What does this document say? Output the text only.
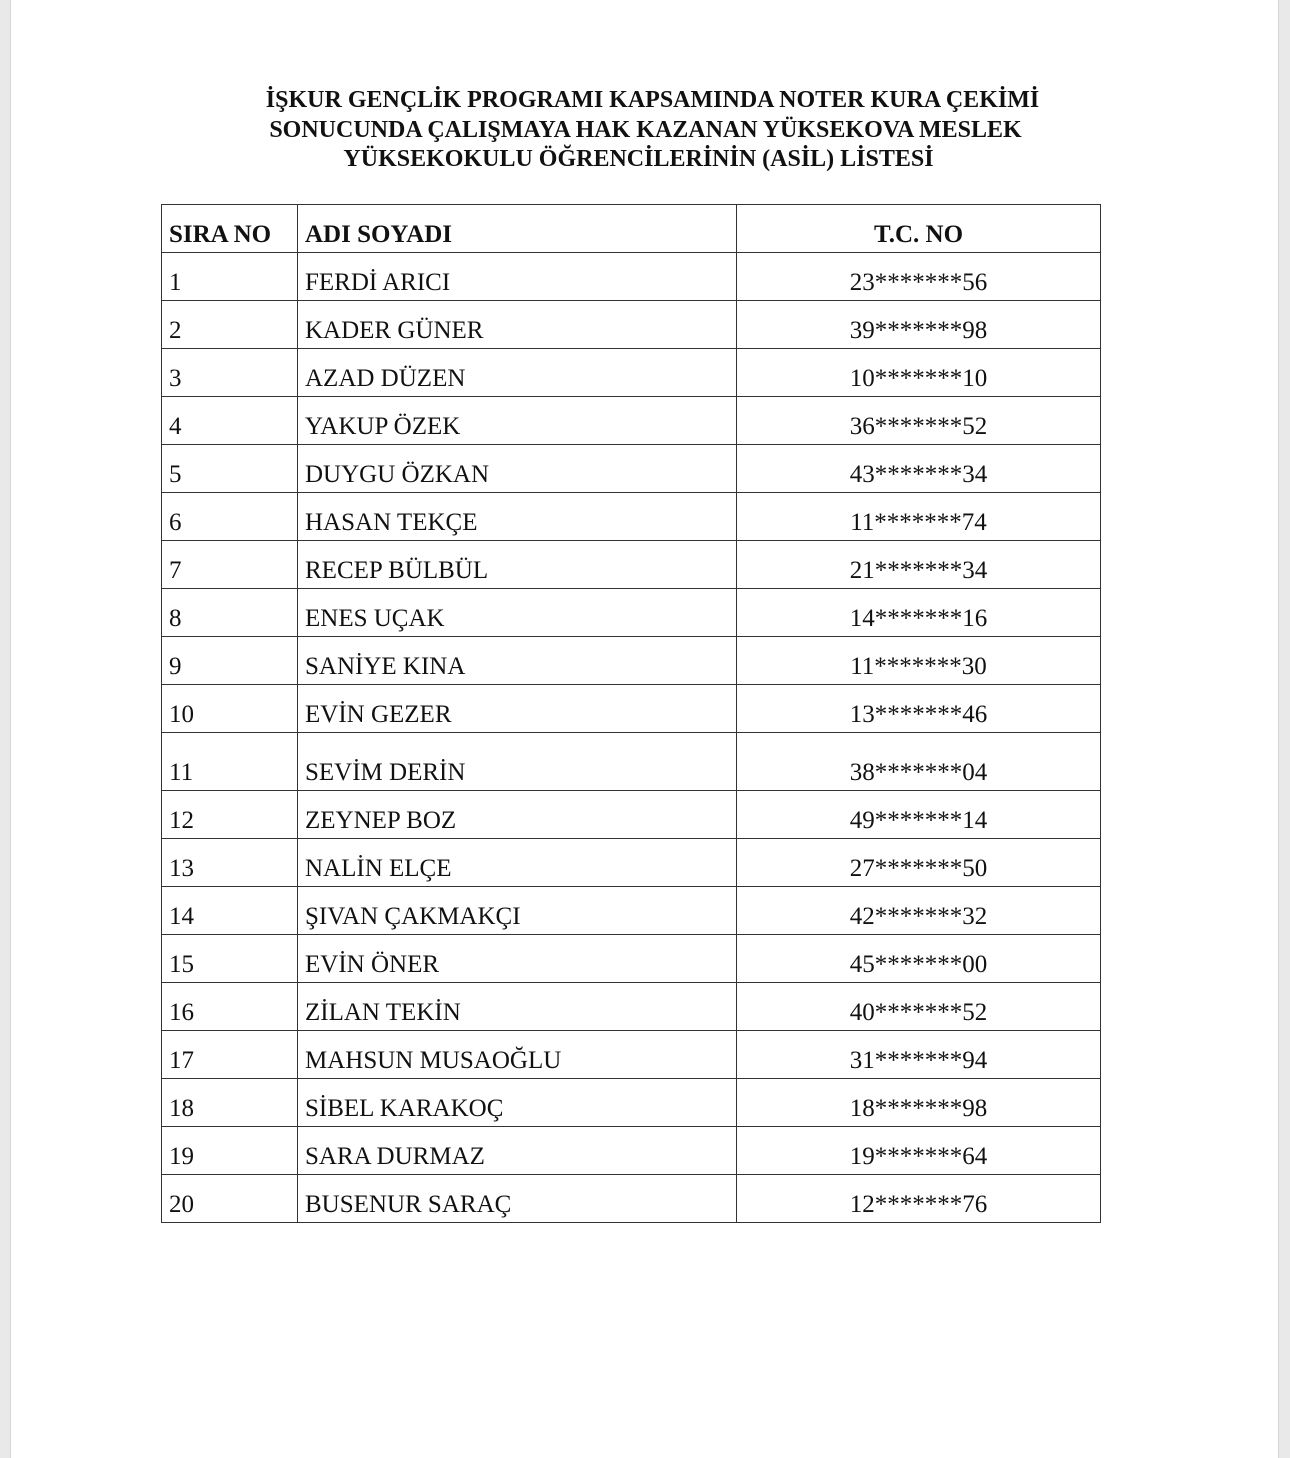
İŞKUR GENÇLİK PROGRAMI KAPSAMINDA NOTER KURA ÇEKİMİ
SONUCUNDA ÇALIŞMAYA HAK KAZANAN YÜKSEKOVA MESLEK
YÜKSEKOKULU ÖĞRENCİLERİNİN (ASİL) LİSTESİ
SIRA NO	ADI SOYADI	T.C. NO
1	FERDİ ARICI	23*******56
2	KADER GÜNER	39*******98
3	AZAD DÜZEN	10*******10
4	YAKUP ÖZEK	36*******52
5	DUYGU ÖZKAN	43*******34
6	HASAN TEKÇE	11*******74
7	RECEP BÜLBÜL	21*******34
8	ENES UÇAK	14*******16
9	SANİYE KINA	11*******30
10	EVİN GEZER	13*******46
11	SEVİM DERİN	38*******04
12	ZEYNEP BOZ	49*******14
13	NALİN ELÇE	27*******50
14	ŞIVAN ÇAKMAKÇI	42*******32
15	EVİN ÖNER	45*******00
16	ZİLAN TEKİN	40*******52
17	MAHSUN MUSAOĞLU	31*******94
18	SİBEL KARAKOÇ	18*******98
19	SARA DURMAZ	19*******64
20	BUSENUR SARAÇ	12*******76
